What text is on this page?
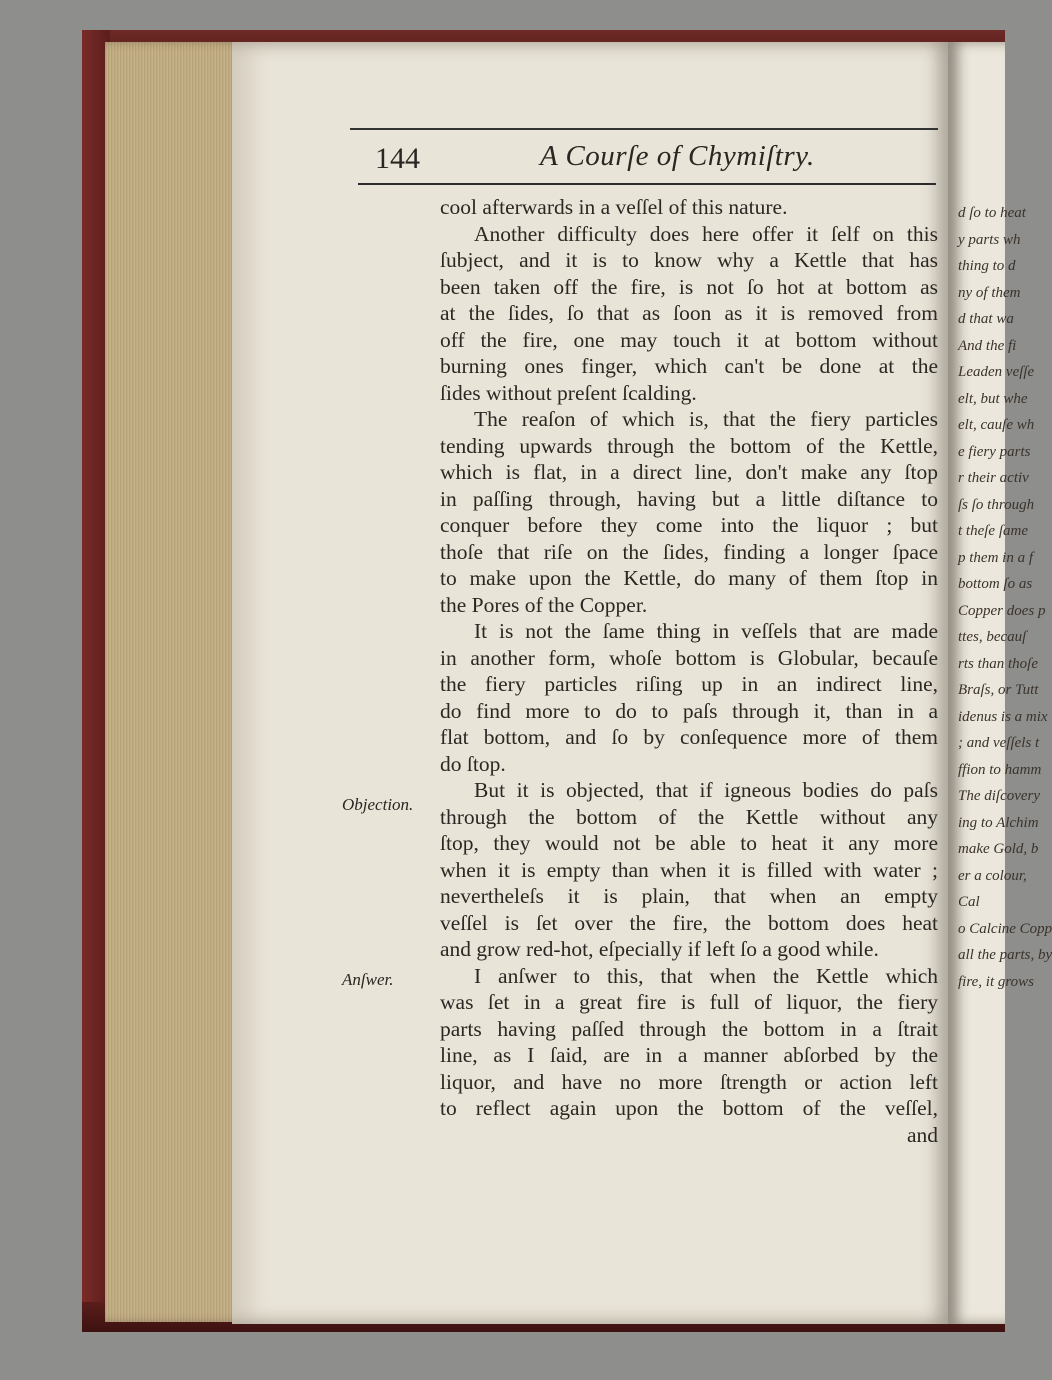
d ſo to heat
y parts wh
thing to d
ny of them
d that wa
And the fi
Leaden veſſe
elt, but whe
elt, cauſe wh
e fiery parts
r their activ
ſs ſo through
t theſe ſame
p them in a f
bottom ſo as
Copper does p
ttes, becauſ
rts than thoſe
Braſs, or Tutt
idenus is a mix
; and veſſels t
ffion to hamm
The diſcovery
ing to Alchim
make Gold, b
er a colour,
Cal
o Calcine Copp
all the parts, by
fire, it grows
144	A Courſe of Chymiſtry.
Objection.
Anſwer.
cool afterwards in a veſſel of this nature.
Another difficulty does here offer it ſelf on this
ſubject, and it is to know why a Kettle that has
been taken off the fire, is not ſo hot at bottom as
at the ſides, ſo that as ſoon as it is removed from
off the fire, one may touch it at bottom without
burning ones finger, which can't be done at the
ſides without preſent ſcalding.
The reaſon of which is, that the fiery particles
tending upwards through the bottom of the Kettle,
which is flat, in a direct line, don't make any ſtop
in paſſing through, having but a little diſtance to
conquer before they come into the liquor ; but
thoſe that riſe on the ſides, finding a longer ſpace
to make upon the Kettle, do many of them ſtop in
the Pores of the Copper.
It is not the ſame thing in veſſels that are made
in another form, whoſe bottom is Globular, becauſe
the fiery particles riſing up in an indirect line,
do find more to do to paſs through it, than in a
flat bottom, and ſo by conſequence more of them
do ſtop.
But it is objected, that if igneous bodies do paſs
through the bottom of the Kettle without any
ſtop, they would not be able to heat it any more
when it is empty than when it is filled with water ;
nevertheleſs it is plain, that when an empty
veſſel is ſet over the fire, the bottom does heat
and grow red-hot, eſpecially if left ſo a good while.
I anſwer to this, that when the Kettle which
was ſet in a great fire is full of liquor, the fiery
parts having paſſed through the bottom in a ſtrait
line, as I ſaid, are in a manner abſorbed by the
liquor, and have no more ſtrength or action left
to reflect again upon the bottom of the veſſel,
and
